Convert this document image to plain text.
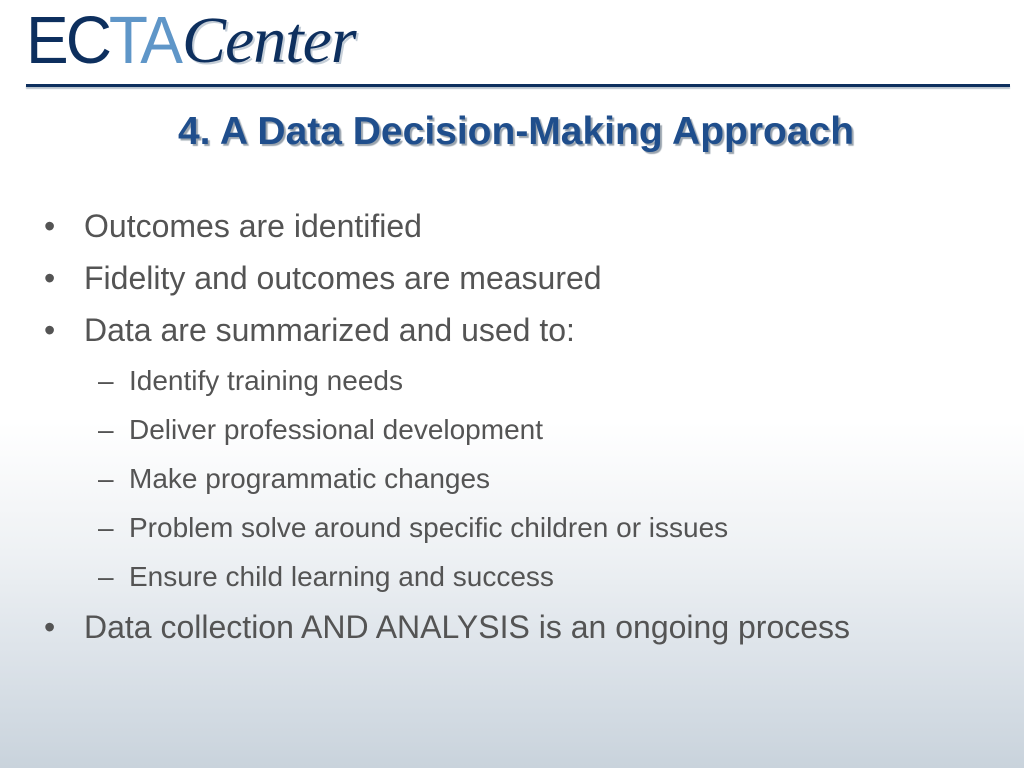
EC TA Center
4. A Data Decision-Making Approach
• Outcomes are identified
• Fidelity and outcomes are measured
• Data are summarized and used to:
– Identify training needs
– Deliver professional development
– Make programmatic changes
– Problem solve around specific children or issues
– Ensure child learning and success
• Data collection AND ANALYSIS is an ongoing process
